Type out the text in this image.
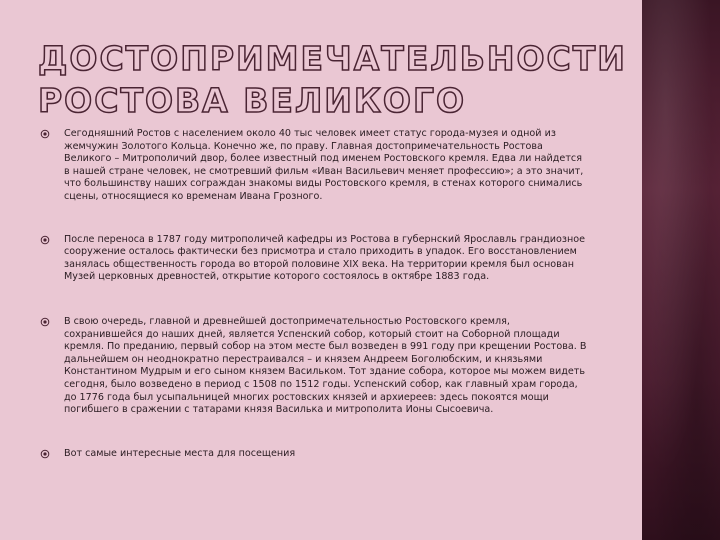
ДОСТОПРИМЕЧАТЕЛЬНОСТИ
РОСТОВА ВЕЛИКОГО
Сегодняшний Ростов с населением около 40 тыс человек имеет статус города-музея и одной из жемчужин Золотого Кольца. Конечно же, по праву. Главная достопримечательность Ростова Великого – Митрополичий двор, более известный под именем Ростовского кремля. Едва ли найдется в нашей стране человек, не смотревший фильм «Иван Васильевич меняет профессию»; а это значит, что большинству наших сограждан знакомы виды Ростовского кремля, в стенах которого снимались сцены, относящиеся ко временам Ивана Грозного.
После переноса в 1787 году митрополичей кафедры из Ростова в губернский Ярославль грандиозное сооружение осталось фактически без присмотра и стало приходить в упадок. Его восстановлением занялась общественность города во второй половине XIX века. На территории кремля был основан Музей церковных древностей, открытие которого состоялось в октябре 1883 года.
В свою очередь, главной и древнейшей достопримечательностью Ростовского кремля, сохранившейся до наших дней, является Успенский собор, который стоит на Соборной площади кремля. По преданию, первый собор на этом месте был возведен в 991 году при крещении Ростова. В дальнейшем он неоднократно перестраивался – и князем Андреем Боголюбским, и князьями Константином Мудрым и его сыном князем Васильком. Тот здание собора, которое мы можем видеть сегодня, было возведено в период с 1508 по 1512 годы. Успенский собор, как главный храм города, до 1776 года был усыпальницей многих ростовских князей и архиереев: здесь покоятся мощи погибшего в сражении с татарами князя Василька и митрополита Ионы Сысоевича.
Вот самые интересные места для посещения
